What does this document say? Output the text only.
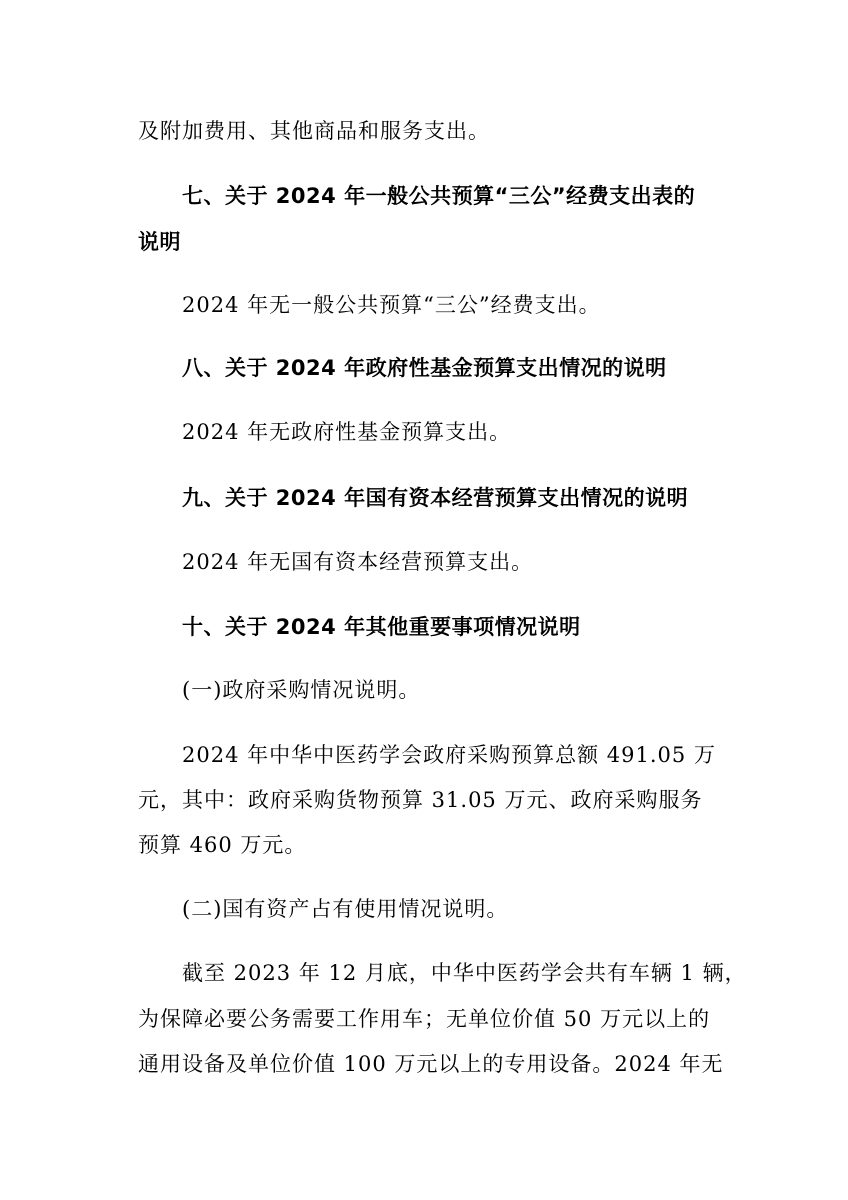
及附加费用、其他商品和服务支出。

七、关于 2024 年一般公共预算“三公”经费支出表的

说明

2024 年无一般公共预算“三公”经费支出。

八、关于 2024 年政府性基金预算支出情况的说明

2024 年无政府性基金预算支出。

九、关于 2024 年国有资本经营预算支出情况的说明

2024 年无国有资本经营预算支出。

十、关于 2024 年其他重要事项情况说明

(一)政府采购情况说明。

2024 年中华中医药学会政府采购预算总额 491.05 万

元，其中：政府采购货物预算 31.05 万元、政府采购服务

预算 460 万元。

(二)国有资产占有使用情况说明。

截至 2023 年 12 月底，中华中医药学会共有车辆 1 辆，

为保障必要公务需要工作用车；无单位价值 50 万元以上的

通用设备及单位价值 100 万元以上的专用设备。2024 年无
